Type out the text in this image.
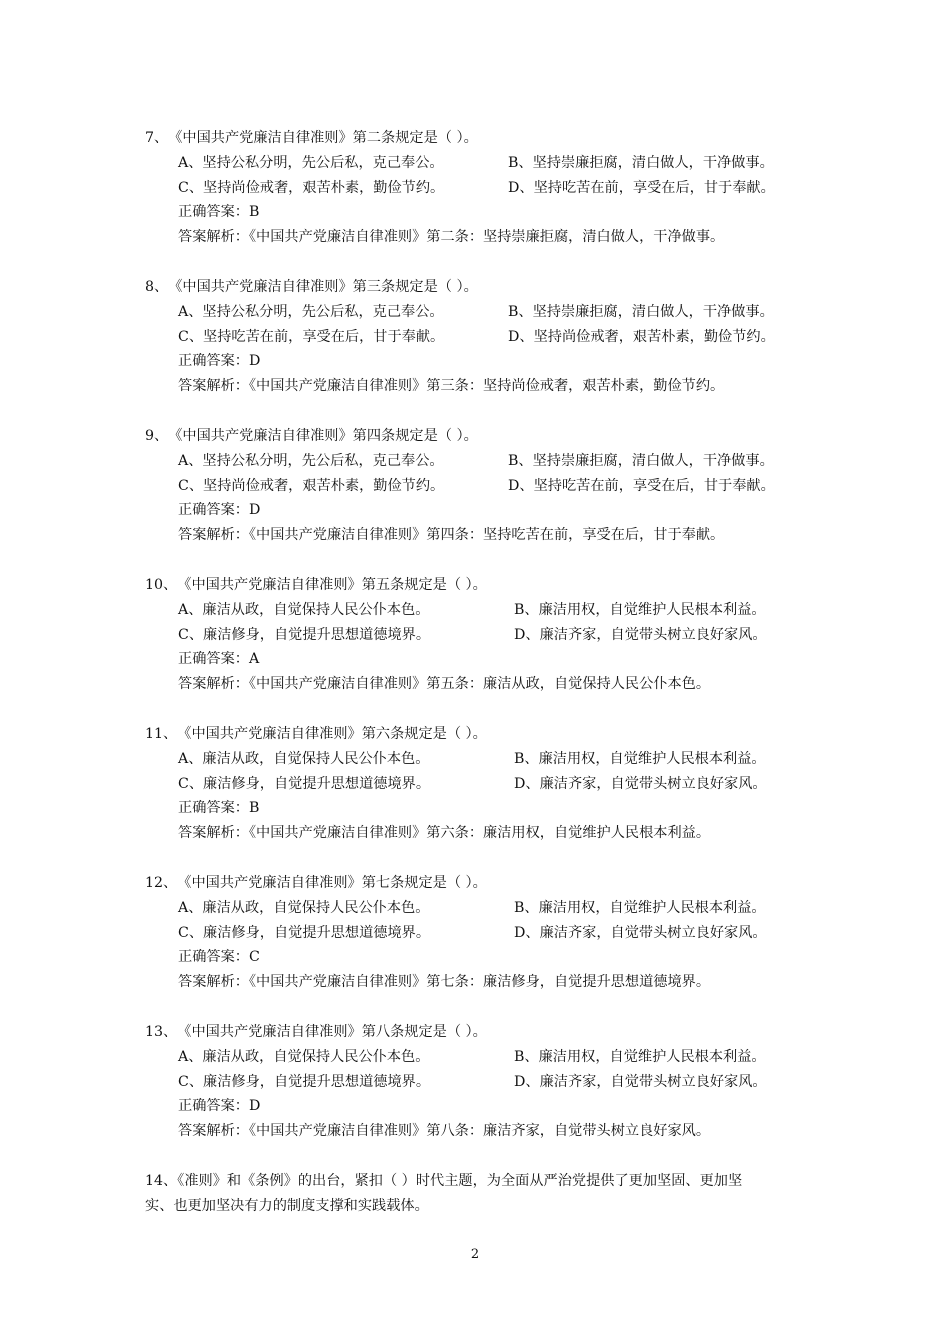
7、《中国共产党廉洁自律准则》第二条规定是（ ）。
A、坚持公私分明，先公后私，克己奉公。	B、坚持崇廉拒腐，清白做人，干净做事。
C、坚持尚俭戒奢，艰苦朴素，勤俭节约。	D、坚持吃苦在前，享受在后，甘于奉献。
正确答案：B
答案解析：《中国共产党廉洁自律准则》第二条：坚持崇廉拒腐，清白做人，干净做事。
8、《中国共产党廉洁自律准则》第三条规定是（ ）。
A、坚持公私分明，先公后私，克己奉公。	B、坚持崇廉拒腐，清白做人，干净做事。
C、坚持吃苦在前，享受在后，甘于奉献。	D、坚持尚俭戒奢，艰苦朴素，勤俭节约。
正确答案：D
答案解析：《中国共产党廉洁自律准则》第三条：坚持尚俭戒奢，艰苦朴素，勤俭节约。
9、《中国共产党廉洁自律准则》第四条规定是（ ）。
A、坚持公私分明，先公后私，克己奉公。	B、坚持崇廉拒腐，清白做人，干净做事。
C、坚持尚俭戒奢，艰苦朴素，勤俭节约。	D、坚持吃苦在前，享受在后，甘于奉献。
正确答案：D
答案解析：《中国共产党廉洁自律准则》第四条：坚持吃苦在前，享受在后，甘于奉献。
10、《中国共产党廉洁自律准则》第五条规定是（ ）。
A、廉洁从政，自觉保持人民公仆本色。	B、廉洁用权，自觉维护人民根本利益。
C、廉洁修身，自觉提升思想道德境界。	D、廉洁齐家，自觉带头树立良好家风。
正确答案：A
答案解析：《中国共产党廉洁自律准则》第五条：廉洁从政，自觉保持人民公仆本色。
11、《中国共产党廉洁自律准则》第六条规定是（ ）。
A、廉洁从政，自觉保持人民公仆本色。	B、廉洁用权，自觉维护人民根本利益。
C、廉洁修身，自觉提升思想道德境界。	D、廉洁齐家，自觉带头树立良好家风。
正确答案：B
答案解析：《中国共产党廉洁自律准则》第六条：廉洁用权，自觉维护人民根本利益。
12、《中国共产党廉洁自律准则》第七条规定是（ ）。
A、廉洁从政，自觉保持人民公仆本色。	B、廉洁用权，自觉维护人民根本利益。
C、廉洁修身，自觉提升思想道德境界。	D、廉洁齐家，自觉带头树立良好家风。
正确答案：C
答案解析：《中国共产党廉洁自律准则》第七条：廉洁修身，自觉提升思想道德境界。
13、《中国共产党廉洁自律准则》第八条规定是（ ）。
A、廉洁从政，自觉保持人民公仆本色。	B、廉洁用权，自觉维护人民根本利益。
C、廉洁修身，自觉提升思想道德境界。	D、廉洁齐家，自觉带头树立良好家风。
正确答案：D
答案解析：《中国共产党廉洁自律准则》第八条：廉洁齐家，自觉带头树立良好家风。
14、《准则》和《条例》的出台，紧扣（ ）时代主题，为全面从严治党提供了更加坚固、更加坚
实、也更加坚决有力的制度支撑和实践载体。
2
